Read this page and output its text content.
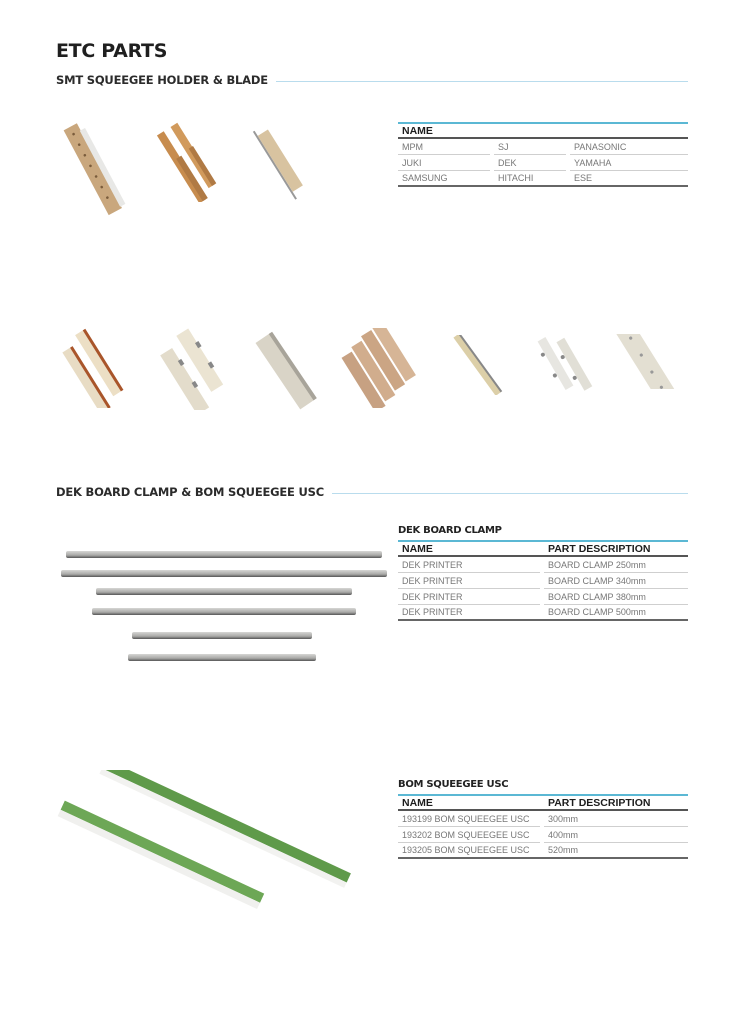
ETC PARTS
SMT SQUEEGEE HOLDER & BLADE
NAME
MPM	SJ	PANASONIC
JUKI	DEK	YAMAHA
SAMSUNG	HITACHI	ESE
DEK BOARD CLAMP & BOM SQUEEGEE USC
DEK BOARD CLAMP
NAME	PART DESCRIPTION
DEK PRINTER	BOARD CLAMP 250mm
DEK PRINTER	BOARD CLAMP 340mm
DEK PRINTER	BOARD CLAMP 380mm
DEK PRINTER	BOARD CLAMP 500mm
BOM SQUEEGEE USC
NAME	PART DESCRIPTION
193199 BOM SQUEEGEE USC	300mm
193202 BOM SQUEEGEE USC	400mm
193205 BOM SQUEEGEE USC	520mm
